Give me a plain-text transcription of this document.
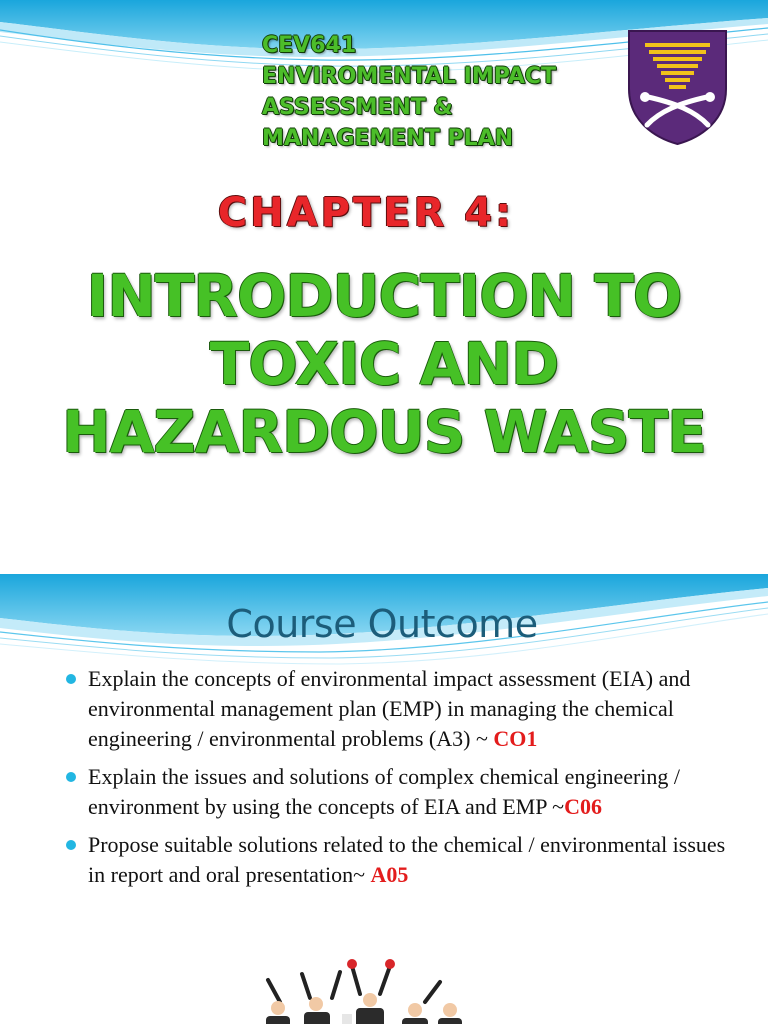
CEV641
ENVIROMENTAL IMPACT
ASSESSMENT &
MANAGEMENT PLAN
CHAPTER 4:
INTRODUCTION TO
TOXIC AND
HAZARDOUS WASTE
Course Outcome
Explain the concepts of environmental impact assessment (EIA) and environmental management plan (EMP) in managing the chemical engineering / environmental problems (A3) ~ CO1
Explain the issues and solutions of complex chemical engineering / environment by using the concepts of EIA and EMP ~C06
Propose suitable solutions related to the chemical / environmental issues in report and oral presentation~ A05
